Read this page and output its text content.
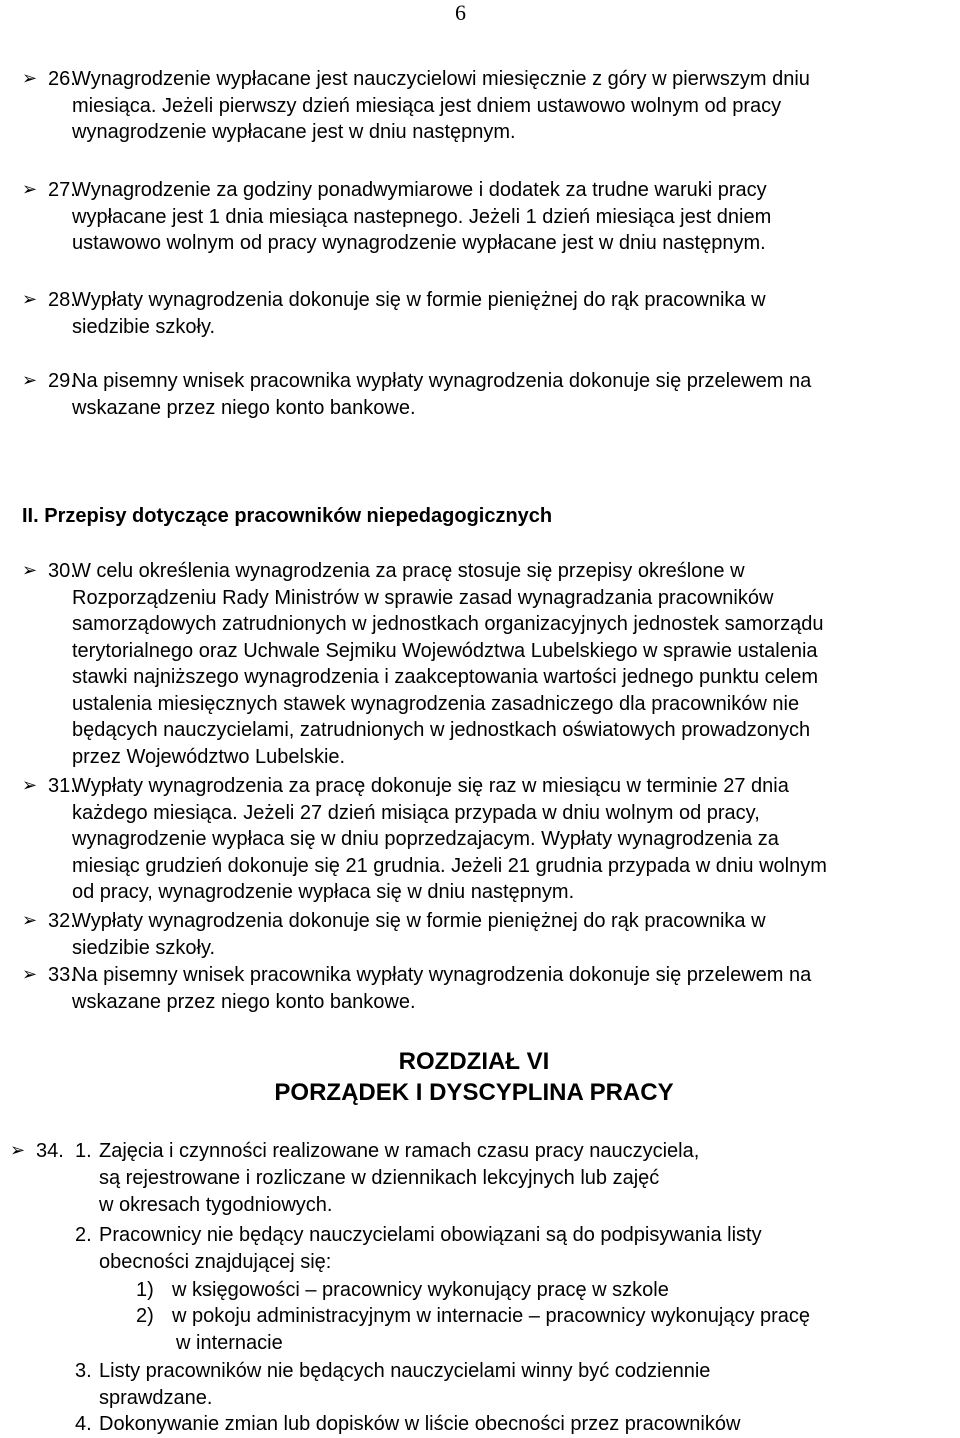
6
➢ 26.

Wynagrodzenie wypłacane jest nauczycielowi miesięcznie z góry w pierwszym dniu

miesiąca. Jeżeli pierwszy dzień miesiąca jest dniem ustawowo wolnym od pracy

wynagrodzenie wypłacane jest w dniu następnym.

➢ 27.

Wynagrodzenie za godziny ponadwymiarowe i dodatek za trudne waruki pracy

wypłacane jest 1 dnia miesiąca nastepnego. Jeżeli 1 dzień miesiąca jest dniem

ustawowo wolnym od pracy wynagrodzenie wypłacane jest w dniu następnym.

➢ 28.

Wypłaty wynagrodzenia dokonuje się w formie pieniężnej do rąk pracownika w

siedzibie szkoły.

➢ 29.

Na pisemny wnisek pracownika wypłaty wynagrodzenia dokonuje się przelewem na

wskazane przez niego konto bankowe.

II. Przepisy dotyczące pracowników niepedagogicznych
➢ 30.

W celu określenia wynagrodzenia za pracę stosuje się przepisy określone w

Rozporządzeniu Rady Ministrów w sprawie zasad wynagradzania pracowników

samorządowych zatrudnionych w jednostkach organizacyjnych jednostek samorządu

terytorialnego oraz Uchwale Sejmiku Województwa Lubelskiego w sprawie ustalenia

stawki najniższego wynagrodzenia i zaakceptowania wartości jednego punktu celem

ustalenia miesięcznych stawek wynagrodzenia zasadniczego dla pracowników nie

będących nauczycielami, zatrudnionych w jednostkach oświatowych prowadzonych

przez Województwo Lubelskie.

➢ 31.

Wypłaty wynagrodzenia za pracę dokonuje się raz w miesiącu w terminie 27 dnia

każdego miesiąca. Jeżeli 27 dzień misiąca przypada w dniu wolnym od pracy,

wynagrodzenie wypłaca się w dniu poprzedzajacym. Wypłaty wynagrodzenia za

miesiąc grudzień dokonuje się 21 grudnia. Jeżeli 21 grudnia przypada w dniu wolnym

od pracy, wynagrodzenie wypłaca się w dniu następnym.

➢ 32.

Wypłaty wynagrodzenia dokonuje się w formie pieniężnej do rąk pracownika w

siedzibie szkoły.

➢ 33.

Na pisemny wnisek pracownika wypłaty wynagrodzenia dokonuje się przelewem na

wskazane przez niego konto bankowe.

ROZDZIAŁ VI
PORZĄDEK I DYSCYPLINA PRACY
➢ 34. 1. Zajęcia i czynności realizowane w ramach czasu pracy nauczyciela,
są rejestrowane i rozliczane w dziennikach lekcyjnych lub zajęć
w okresach tygodniowych.
2. Pracownicy nie będący nauczycielami obowiązani są do podpisywania listy
obecności znajdującej się:
1) w księgowości – pracownicy wykonujący pracę w szkole
2) w pokoju administracyjnym w internacie – pracownicy wykonujący pracę
w internacie
3. Listy pracowników nie będących nauczycielami winny być codziennie
sprawdzane.
4. Dokonywanie zmian lub dopisków w liście obecności przez pracowników
